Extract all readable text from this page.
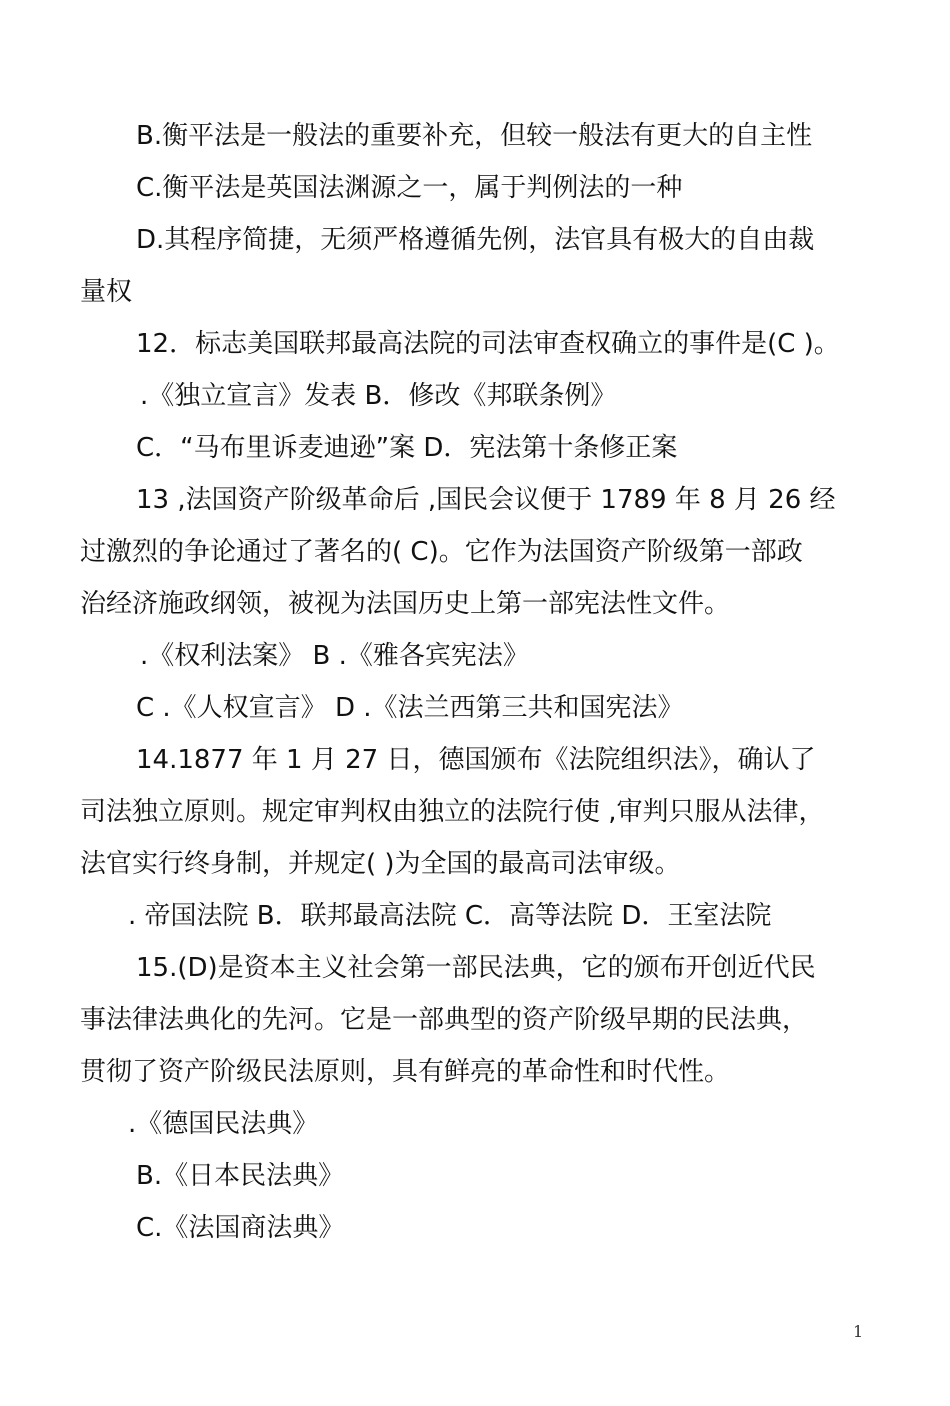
B.衡平法是一般法的重要补充，但较一般法有更大的自主性
C.衡平法是英国法渊源之一，属于判例法的一种
D.其程序简捷，无须严格遵循先例，法官具有极大的自由裁
量权
12．标志美国联邦最高法院的司法审查权确立的事件是(C )。
.《独立宣言》发表 B．修改《邦联条例》
C．“马布里诉麦迪逊”案 D．宪法第十条修正案
13 ,法国资产阶级革命后 ,国民会议便于 1789 年 8 月 26 经
过激烈的争论通过了著名的( C)。它作为法国资产阶级第一部政
治经济施政纲领，被视为法国历史上第一部宪法性文件。
.《权利法案》 B .《雅各宾宪法》
C .《人权宣言》 D .《法兰西第三共和国宪法》
14.1877 年 1 月 27 日，德国颁布《法院组织法》，确认了
司法独立原则。规定审判权由独立的法院行使 ,审判只服从法律，
法官实行终身制，并规定( )为全国的最高司法审级。
. 帝国法院 B．联邦最高法院 C．高等法院 D．王室法院
15.(D)是资本主义社会第一部民法典，它的颁布开创近代民
事法律法典化的先河。它是一部典型的资产阶级早期的民法典，
贯彻了资产阶级民法原则，具有鲜亮的革命性和时代性。
.《德国民法典》
B.《日本民法典》
C.《法国商法典》
1
